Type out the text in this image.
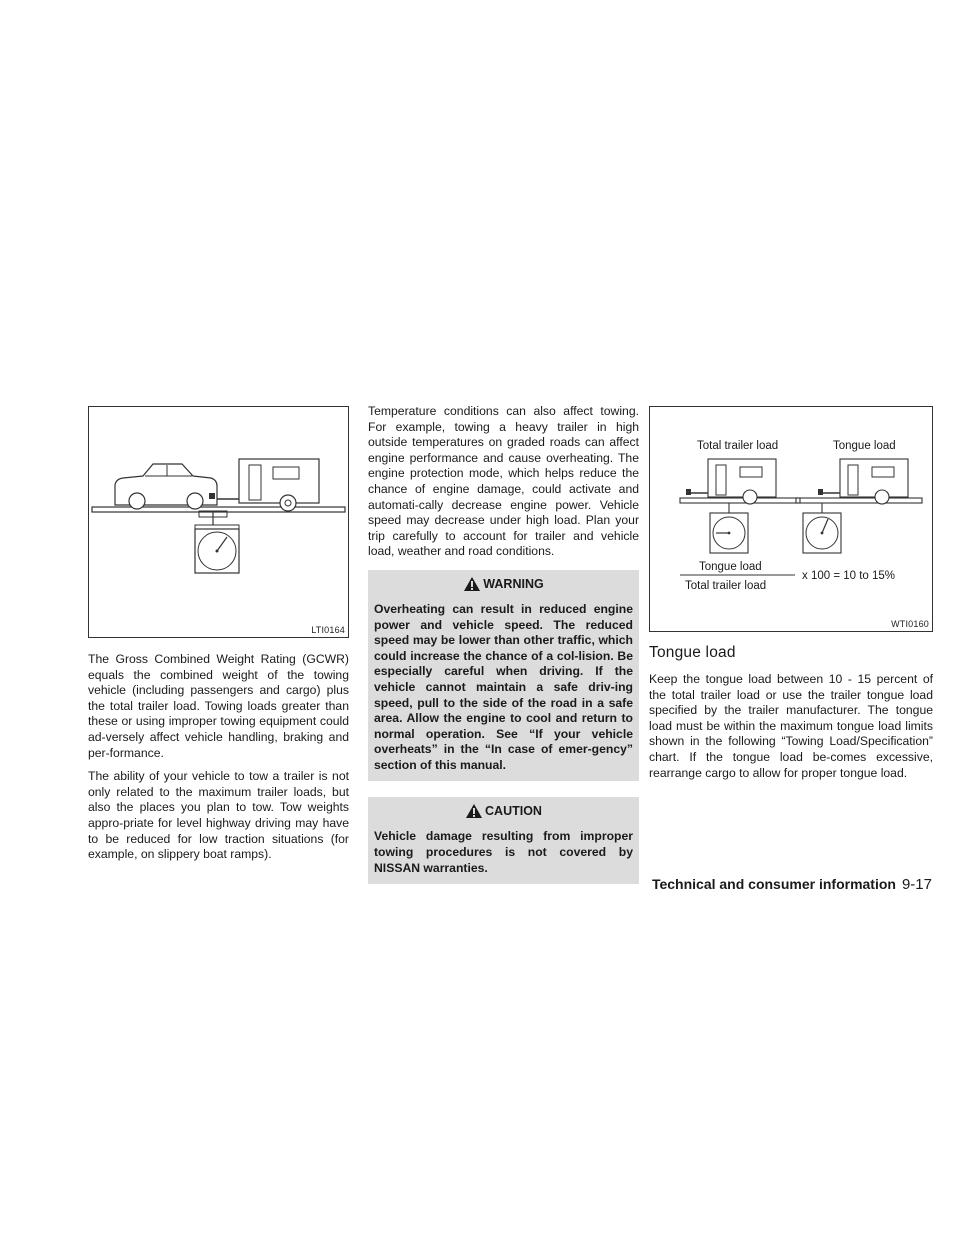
LTI0164

The Gross Combined Weight Rating (GCWR) equals the combined weight of the towing vehicle (including passengers and cargo) plus the total trailer load. Towing loads greater than these or using improper towing equipment could ad-versely affect vehicle handling, braking and per-formance.

The ability of your vehicle to tow a trailer is not only related to the maximum trailer loads, but also the places you plan to tow. Tow weights appro-priate for level highway driving may have to be reduced for low traction situations (for example, on slippery boat ramps).

Temperature conditions can also affect towing. For example, towing a heavy trailer in high outside temperatures on graded roads can affect engine performance and cause overheating. The engine protection mode, which helps reduce the chance of engine damage, could activate and automati-cally decrease engine power. Vehicle speed may decrease under high load. Plan your trip carefully to account for trailer and vehicle load, weather and road conditions.

WARNING

Overheating can result in reduced engine power and vehicle speed. The reduced speed may be lower than other traffic, which could increase the chance of a col-lision. Be especially careful when driving. If the vehicle cannot maintain a safe driv-ing speed, pull to the side of the road in a safe area. Allow the engine to cool and return to normal operation. See “If your vehicle overheats” in the “In case of emer-gency” section of this manual.

CAUTION

Vehicle damage resulting from improper towing procedures is not covered by NISSAN warranties.

Total trailer load	Tongue load
Tongue load
Total trailer load
x 100 = 10 to 15%
WTI0160
Tongue load

Keep the tongue load between 10 - 15 percent of the total trailer load or use the trailer tongue load specified by the trailer manufacturer. The tongue load must be within the maximum tongue load limits shown in the following “Towing Load/Specification” chart. If the tongue load be-comes excessive, rearrange cargo to allow for proper tongue load.

Technical and consumer information 9-17
